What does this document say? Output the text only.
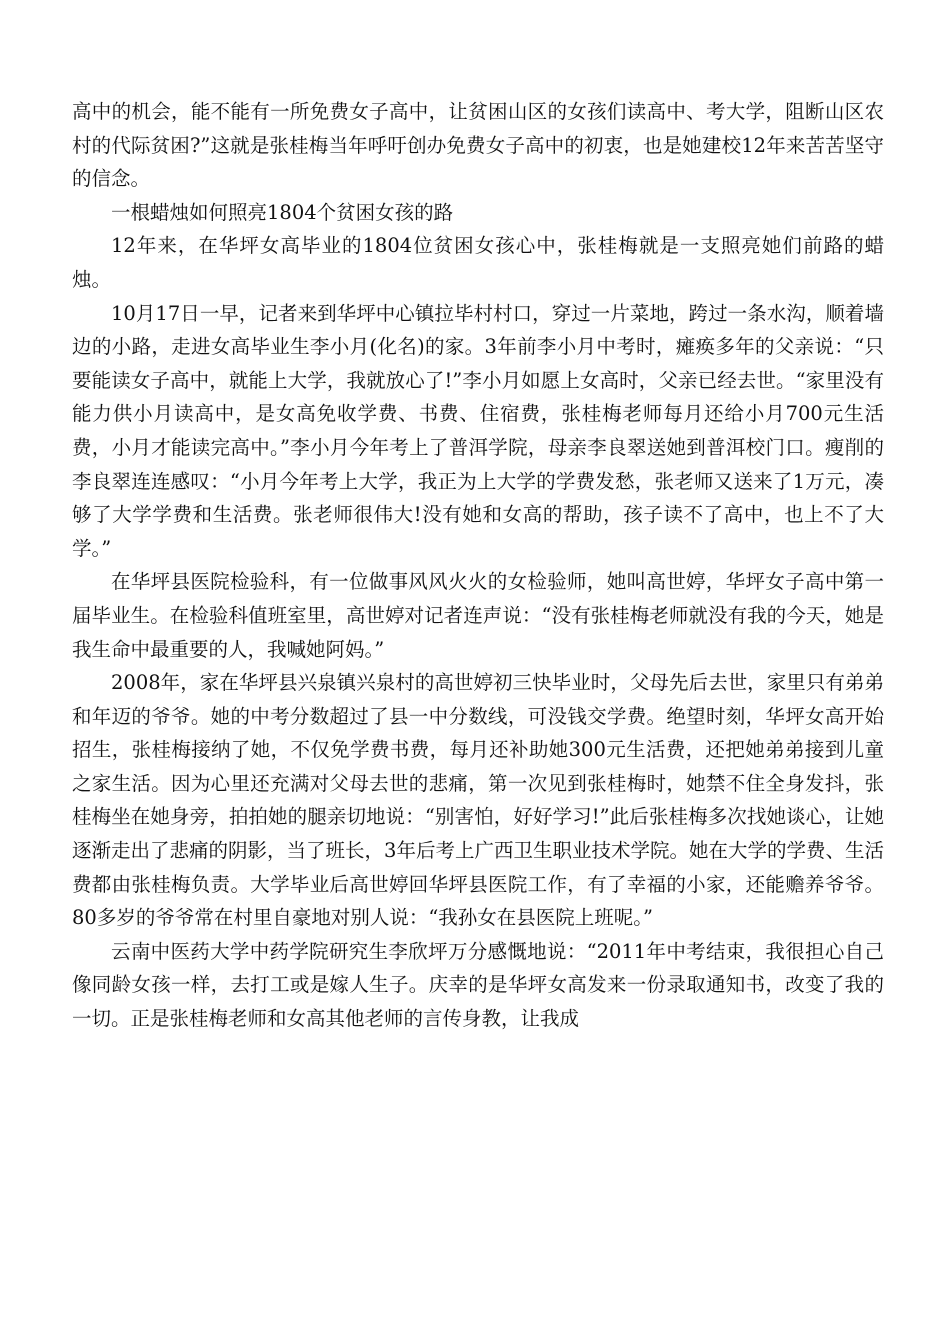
高中的机会，能不能有一所免费女子高中，让贫困山区的女孩们读高中、考大学，阻断山区农村的代际贫困?”这就是张桂梅当年呼吁创办免费女子高中的初衷，也是她建校12年来苦苦坚守的信念。

一根蜡烛如何照亮1804个贫困女孩的路

12年来，在华坪女高毕业的1804位贫困女孩心中，张桂梅就是一支照亮她们前路的蜡烛。

10月17日一早，记者来到华坪中心镇拉毕村村口，穿过一片菜地，跨过一条水沟，顺着墙边的小路，走进女高毕业生李小月(化名)的家。3年前李小月中考时，瘫痪多年的父亲说：“只要能读女子高中，就能上大学，我就放心了!”李小月如愿上女高时，父亲已经去世。“家里没有能力供小月读高中，是女高免收学费、书费、住宿费，张桂梅老师每月还给小月700元生活费，小月才能读完高中。”李小月今年考上了普洱学院，母亲李良翠送她到普洱校门口。瘦削的李良翠连连感叹：“小月今年考上大学，我正为上大学的学费发愁，张老师又送来了1万元，凑够了大学学费和生活费。张老师很伟大!没有她和女高的帮助，孩子读不了高中，也上不了大学。”

在华坪县医院检验科，有一位做事风风火火的女检验师，她叫高世婷，华坪女子高中第一届毕业生。在检验科值班室里，高世婷对记者连声说：“没有张桂梅老师就没有我的今天，她是我生命中最重要的人，我喊她阿妈。”

2008年，家在华坪县兴泉镇兴泉村的高世婷初三快毕业时，父母先后去世，家里只有弟弟和年迈的爷爷。她的中考分数超过了县一中分数线，可没钱交学费。绝望时刻，华坪女高开始招生，张桂梅接纳了她，不仅免学费书费，每月还补助她300元生活费，还把她弟弟接到儿童之家生活。因为心里还充满对父母去世的悲痛，第一次见到张桂梅时，她禁不住全身发抖，张桂梅坐在她身旁，拍拍她的腿亲切地说：“别害怕，好好学习!”此后张桂梅多次找她谈心，让她逐渐走出了悲痛的阴影，当了班长，3年后考上广西卫生职业技术学院。她在大学的学费、生活费都由张桂梅负责。大学毕业后高世婷回华坪县医院工作，有了幸福的小家，还能赡养爷爷。80多岁的爷爷常在村里自豪地对别人说：“我孙女在县医院上班呢。”

云南中医药大学中药学院研究生李欣坪万分感慨地说：“2011年中考结束，我很担心自己像同龄女孩一样，去打工或是嫁人生子。庆幸的是华坪女高发来一份录取通知书，改变了我的一切。正是张桂梅老师和女高其他老师的言传身教，让我成
